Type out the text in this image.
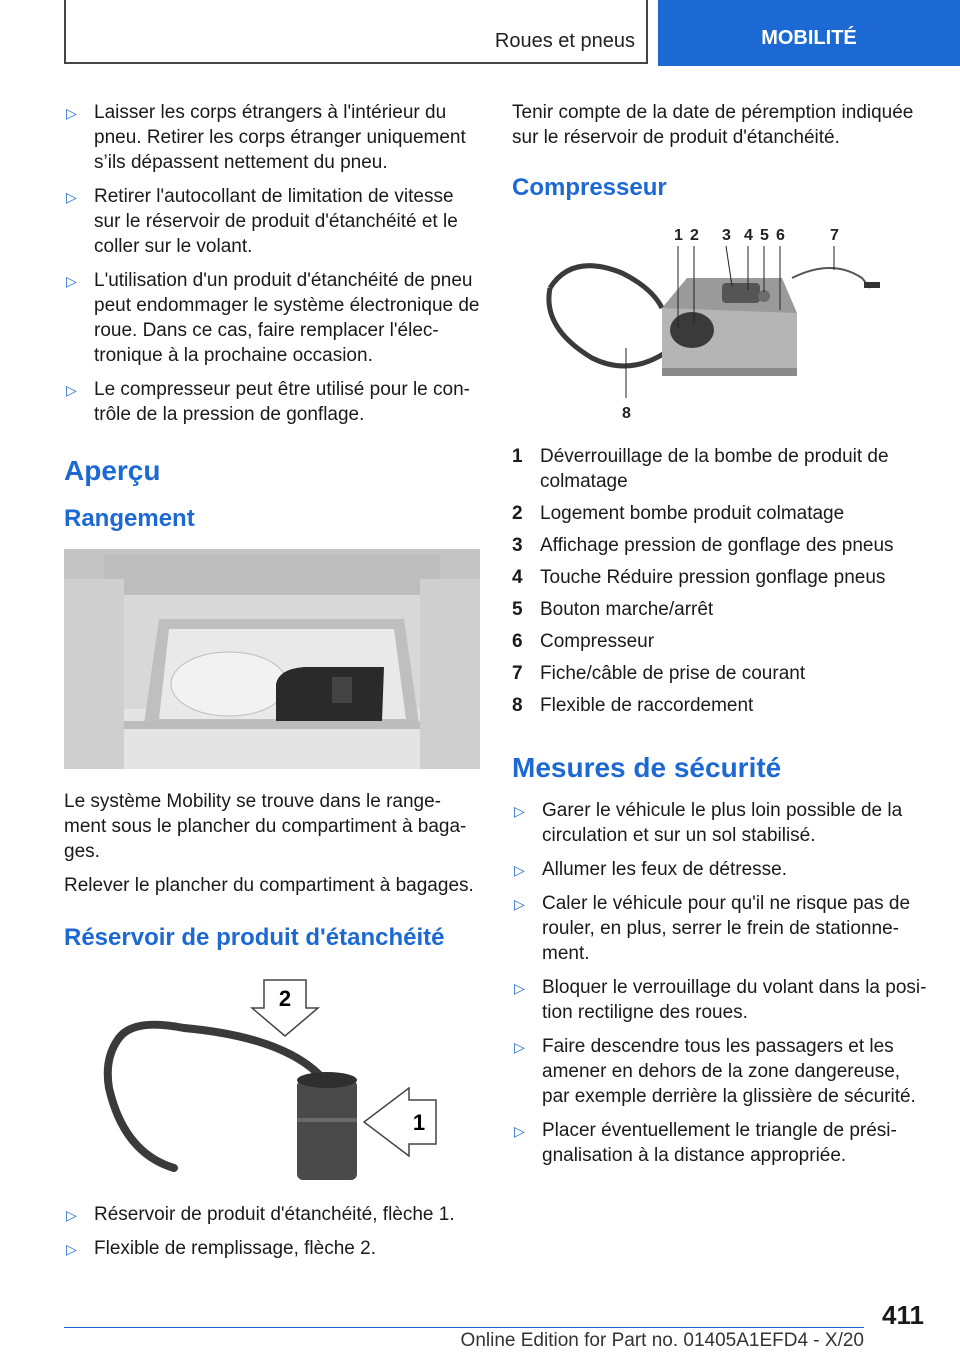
Roues et pneus	MOBILITÉ
▷ Laisser les corps étrangers à l'intérieur du pneu. Retirer les corps étranger uniquement s’ils dépassent nettement du pneu.
▷ Retirer l'autocollant de limitation de vitesse sur le réservoir de produit d'étanchéité et le coller sur le volant.
▷ L'utilisation d'un produit d'étanchéité de pneu peut endommager le système électronique de roue. Dans ce cas, faire remplacer l'élec-tronique à la prochaine occasion.
▷ Le compresseur peut être utilisé pour le con-trôle de la pression de gonflage.
Aperçu
Rangement
Le système Mobility se trouve dans le range-ment sous le plancher du compartiment à baga-ges.
Relever le plancher du compartiment à bagages.
Réservoir de produit d'étanchéité
2
1
▷ Réservoir de produit d'étanchéité, flèche 1.
▷ Flexible de remplissage, flèche 2.
Tenir compte de la date de péremption indiquée sur le réservoir de produit d'étanchéité.
Compresseur
1 2 3 4 5 6	7
8
1 Déverrouillage de la bombe de produit de colmatage
2 Logement bombe produit colmatage
3 Affichage pression de gonflage des pneus
4 Touche Réduire pression gonflage pneus
5 Bouton marche/arrêt
6 Compresseur
7 Fiche/câble de prise de courant
8 Flexible de raccordement
Mesures de sécurité
▷ Garer le véhicule le plus loin possible de la circulation et sur un sol stabilisé.
▷ Allumer les feux de détresse.
▷ Caler le véhicule pour qu'il ne risque pas de rouler, en plus, serrer le frein de stationne-ment.
▷ Bloquer le verrouillage du volant dans la posi-tion rectiligne des roues.
▷ Faire descendre tous les passagers et les amener en dehors de la zone dangereuse, par exemple derrière la glissière de sécurité.
▷ Placer éventuellement le triangle de prési-gnalisation à la distance appropriée.
411
Online Edition for Part no. 01405A1EFD4 - X/20
